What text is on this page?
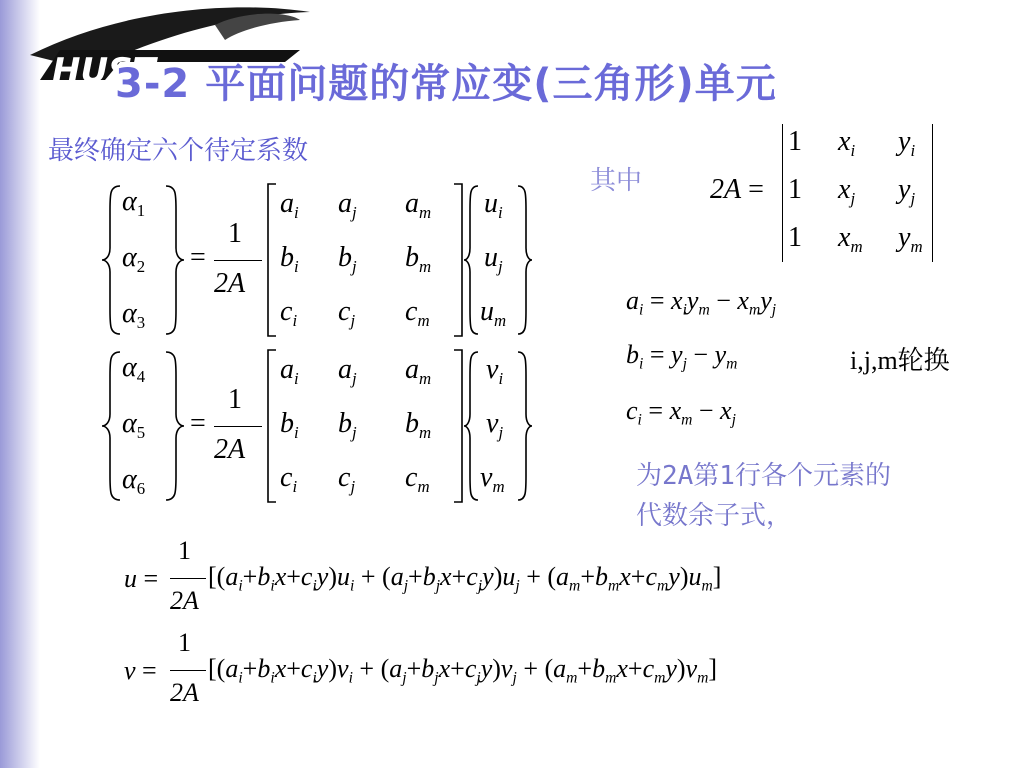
HUST
3-2 平面问题的常应变(三角形)单元
最终确定六个待定系数
其中
$\alpha_1$
$\alpha_2$
$\alpha_3$
=
1
2A
$a_i$ $a_j$ $a_m$
$b_i$ $b_j$ $b_m$
$c_i$ $c_j$ $c_m$
$u_i$
$u_j$
$u_m$
$\alpha_4$
$\alpha_5$
$\alpha_6$
=
1
2A
$a_i$ $a_j$ $a_m$
$b_i$ $b_j$ $b_m$
$c_i$ $c_j$ $c_m$
$v_i$
$v_j$
$v_m$
2A =
1 $x_i$ $y_i$
1 $x_j$ $y_j$
1 $x_m$ $y_m$
$a_i = x_iy_m - x_my_j$
$b_i = y_j - y_m$
$c_i = x_m - x_j$
i,j,m轮换
为2A第1行各个元素的
代数余子式，
u =
1
2A
$[(a_i+b_ix+c_iy)u_i + (a_j+b_jx+c_jy)u_j + (a_m+b_mx+c_my)u_m]$
v =
1
2A
$[(a_i+b_ix+c_iy)v_i + (a_j+b_jx+c_jy)v_j + (a_m+b_mx+c_my)v_m]$
